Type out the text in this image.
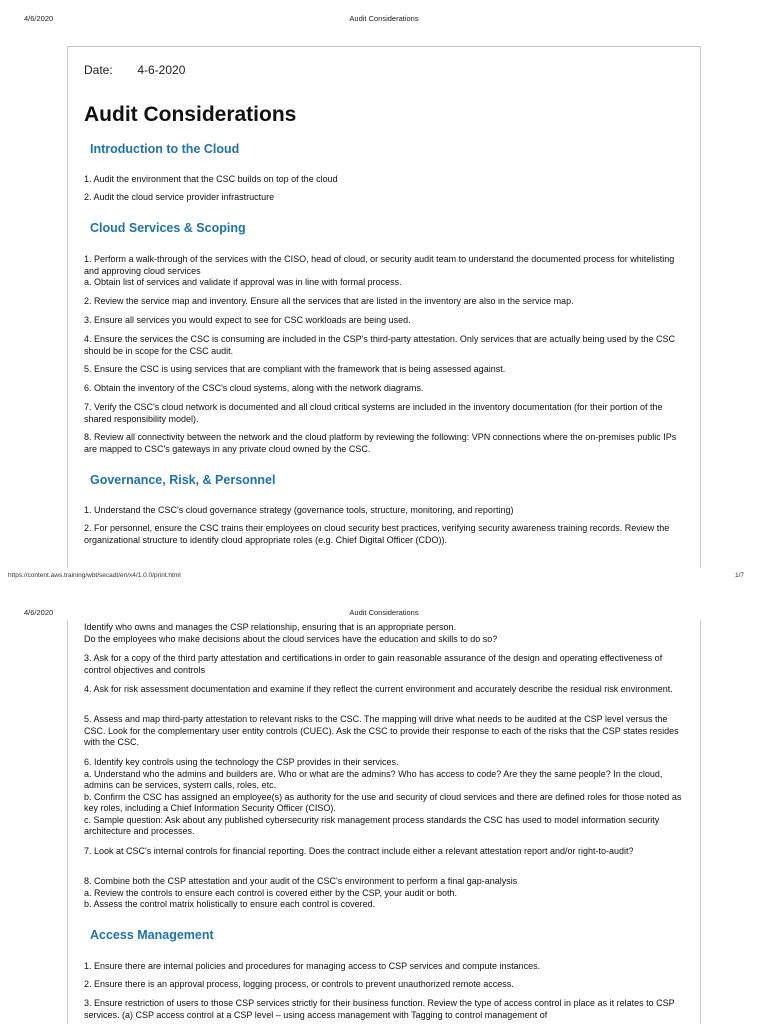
4/6/2020	Audit Considerations
Date: 4-6-2020
Audit Considerations
Introduction to the Cloud

1. Audit the environment that the CSC builds on top of the cloud

2. Audit the cloud service provider infrastructure

Cloud Services & Scoping

1. Perform a walk-through of the services with the CISO, head of cloud, or security audit team to understand the documented process for whitelisting and approving cloud services
a. Obtain list of services and validate if approval was in line with formal process.

2. Review the service map and inventory. Ensure all the services that are listed in the inventory are also in the service map.

3. Ensure all services you would expect to see for CSC workloads are being used.

4. Ensure the services the CSC is consuming are included in the CSP's third-party attestation. Only services that are actually being used by the CSC should be in scope for the CSC audit.

5. Ensure the CSC is using services that are compliant with the framework that is being assessed against.

6. Obtain the inventory of the CSC's cloud systems, along with the network diagrams.

7. Verify the CSC's cloud network is documented and all cloud critical systems are included in the inventory documentation (for their portion of the shared responsibility model).

8. Review all connectivity between the network and the cloud platform by reviewing the following: VPN connections where the on-premises public IPs are mapped to CSC's gateways in any private cloud owned by the CSC.

Governance, Risk, & Personnel

1. Understand the CSC's cloud governance strategy (governance tools, structure, monitoring, and reporting)

2. For personnel, ensure the CSC trains their employees on cloud security best practices, verifying security awareness training records. Review the organizational structure to identify cloud appropriate roles (e.g. Chief Digital Officer (CDO)).

https://content.aws.training/wbt/secadt/en/x4/1.0.0/print.html	1/7
4/6/2020	Audit Considerations

Identify who owns and manages the CSP relationship, ensuring that is an appropriate person.
Do the employees who make decisions about the cloud services have the education and skills to do so?

3. Ask for a copy of the third party attestation and certifications in order to gain reasonable assurance of the design and operating effectiveness of control objectives and controls

4. Ask for risk assessment documentation and examine if they reflect the current environment and accurately describe the residual risk environment.

5. Assess and map third-party attestation to relevant risks to the CSC. The mapping will drive what needs to be audited at the CSP level versus the CSC. Look for the complementary user entity controls (CUEC). Ask the CSC to provide their response to each of the risks that the CSP states resides with the CSC.

6. Identify key controls using the technology the CSP provides in their services.
a. Understand who the admins and builders are. Who or what are the admins? Who has access to code? Are they the same people? In the cloud, admins can be services, system calls, roles, etc.
b. Confirm the CSC has assigned an employee(s) as authority for the use and security of cloud services and there are defined roles for those noted as key roles, including a Chief Information Security Officer (CISO).
c. Sample question: Ask about any published cybersecurity risk management process standards the CSC has used to model information security architecture and processes.

7. Look at CSC's internal controls for financial reporting. Does the contract include either a relevant attestation report and/or right-to-audit?

8. Combine both the CSP attestation and your audit of the CSC's environment to perform a final gap-analysis
a. Review the controls to ensure each control is covered either by the CSP, your audit or both.
b. Assess the control matrix holistically to ensure each control is covered.

Access Management

1. Ensure there are internal policies and procedures for managing access to CSP services and compute instances.

2. Ensure there is an approval process, logging process, or controls to prevent unauthorized remote access.

3. Ensure restriction of users to those CSP services strictly for their business function. Review the type of access control in place as it relates to CSP services. (a) CSP access control at a CSP level – using access management with Tagging to control management of
